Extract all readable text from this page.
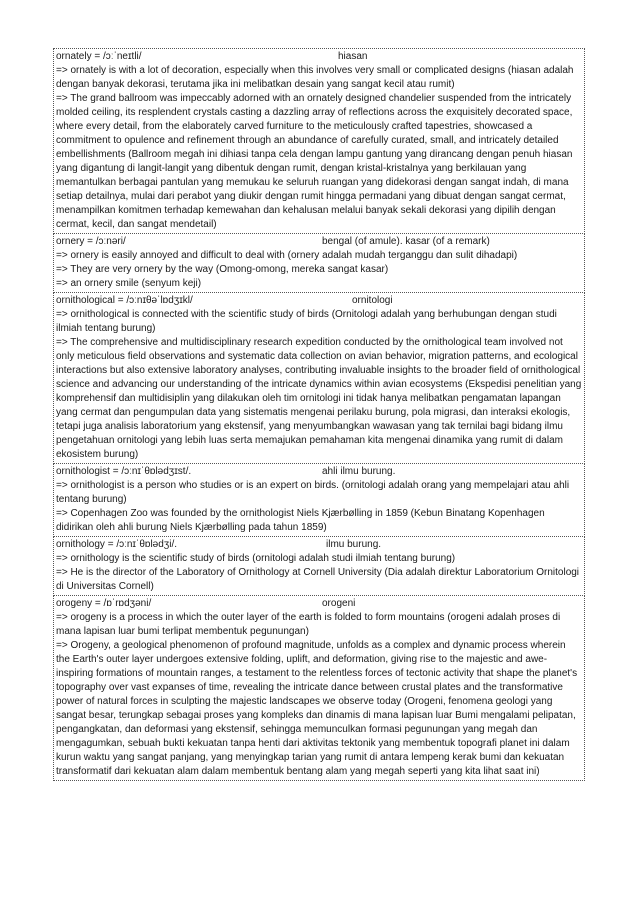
ornately = /ɔːˈneɪtli/	hiasan

=> ornately is with a lot of decoration, especially when this involves very small or complicated designs (hiasan adalah dengan banyak dekorasi, terutama jika ini melibatkan desain yang sangat kecil atau rumit)

=> The grand ballroom was impeccably adorned with an ornately designed chandelier suspended from the intricately molded ceiling, its resplendent crystals casting a dazzling array of reflections across the exquisitely decorated space, where every detail, from the elaborately carved furniture to the meticulously crafted tapestries, showcased a commitment to opulence and refinement through an abundance of carefully curated, small, and intricately detailed embellishments (Ballroom megah ini dihiasi tanpa cela dengan lampu gantung yang dirancang dengan penuh hiasan yang digantung di langit-langit yang dibentuk dengan rumit, dengan kristal-kristalnya yang berkilauan yang memantulkan berbagai pantulan yang memukau ke seluruh ruangan yang didekorasi dengan sangat indah, di mana setiap detailnya, mulai dari perabot yang diukir dengan rumit hingga permadani yang dibuat dengan sangat cermat, menampilkan komitmen terhadap kemewahan dan kehalusan melalui banyak sekali dekorasi yang dipilih dengan cermat, kecil, dan sangat mendetail)

ornery = /ɔːnəri/	bengal (of amule). kasar (of a remark)

=> ornery is easily annoyed and difficult to deal with (ornery adalah mudah terganggu dan sulit dihadapi)

=> They are very ornery by the way (Omong-omong, mereka sangat kasar)

=> an ornery smile (senyum keji)

ornithological = /ɔːnɪθəˈlɒdʒɪkl/	ornitologi

=> ornithological is connected with the scientific study of birds (Ornitologi adalah yang berhubungan dengan studi ilmiah tentang burung)

=> The comprehensive and multidisciplinary research expedition conducted by the ornithological team involved not only meticulous field observations and systematic data collection on avian behavior, migration patterns, and ecological interactions but also extensive laboratory analyses, contributing invaluable insights to the broader field of ornithological science and advancing our understanding of the intricate dynamics within avian ecosystems (Ekspedisi penelitian yang komprehensif dan multidisiplin yang dilakukan oleh tim ornitologi ini tidak hanya melibatkan pengamatan lapangan yang cermat dan pengumpulan data yang sistematis mengenai perilaku burung, pola migrasi, dan interaksi ekologis, tetapi juga analisis laboratorium yang ekstensif, yang menyumbangkan wawasan yang tak ternilai bagi bidang ilmu pengetahuan ornitologi yang lebih luas serta memajukan pemahaman kita mengenai dinamika yang rumit di dalam ekosistem burung)

ornithologist = /ɔːnɪˈθɒlədʒɪst/.	ahli ilmu burung.

=> ornithologist is a person who studies or is an expert on birds. (ornitologi adalah orang yang mempelajari atau ahli tentang burung)

=> Copenhagen Zoo was founded by the ornithologist Niels Kjærbølling in 1859 (Kebun Binatang Kopenhagen didirikan oleh ahli burung Niels Kjærbølling pada tahun 1859)

ornithology = /ɔːnɪˈθɒlədʒi/.	ilmu burung.

=> ornithology is the scientific study of birds (ornitologi adalah studi ilmiah tentang burung)

=> He is the director of the Laboratory of Ornithology at Cornell University (Dia adalah direktur Laboratorium Ornitologi di Universitas Cornell)

orogeny = /ɒˈrɒdʒəni/	orogeni

=> orogeny is a process in which the outer layer of the earth is folded to form mountains (orogeni adalah proses di mana lapisan luar bumi terlipat membentuk pegunungan)

=> Orogeny, a geological phenomenon of profound magnitude, unfolds as a complex and dynamic process wherein the Earth's outer layer undergoes extensive folding, uplift, and deformation, giving rise to the majestic and awe-inspiring formations of mountain ranges, a testament to the relentless forces of tectonic activity that shape the planet's topography over vast expanses of time, revealing the intricate dance between crustal plates and the transformative power of natural forces in sculpting the majestic landscapes we observe today (Orogeni, fenomena geologi yang sangat besar, terungkap sebagai proses yang kompleks dan dinamis di mana lapisan luar Bumi mengalami pelipatan, pengangkatan, dan deformasi yang ekstensif, sehingga memunculkan formasi pegunungan yang megah dan mengagumkan, sebuah bukti kekuatan tanpa henti dari aktivitas tektonik yang membentuk topografi planet ini dalam kurun waktu yang sangat panjang, yang menyingkap tarian yang rumit di antara lempeng kerak bumi dan kekuatan transformatif dari kekuatan alam dalam membentuk bentang alam yang megah seperti yang kita lihat saat ini)
